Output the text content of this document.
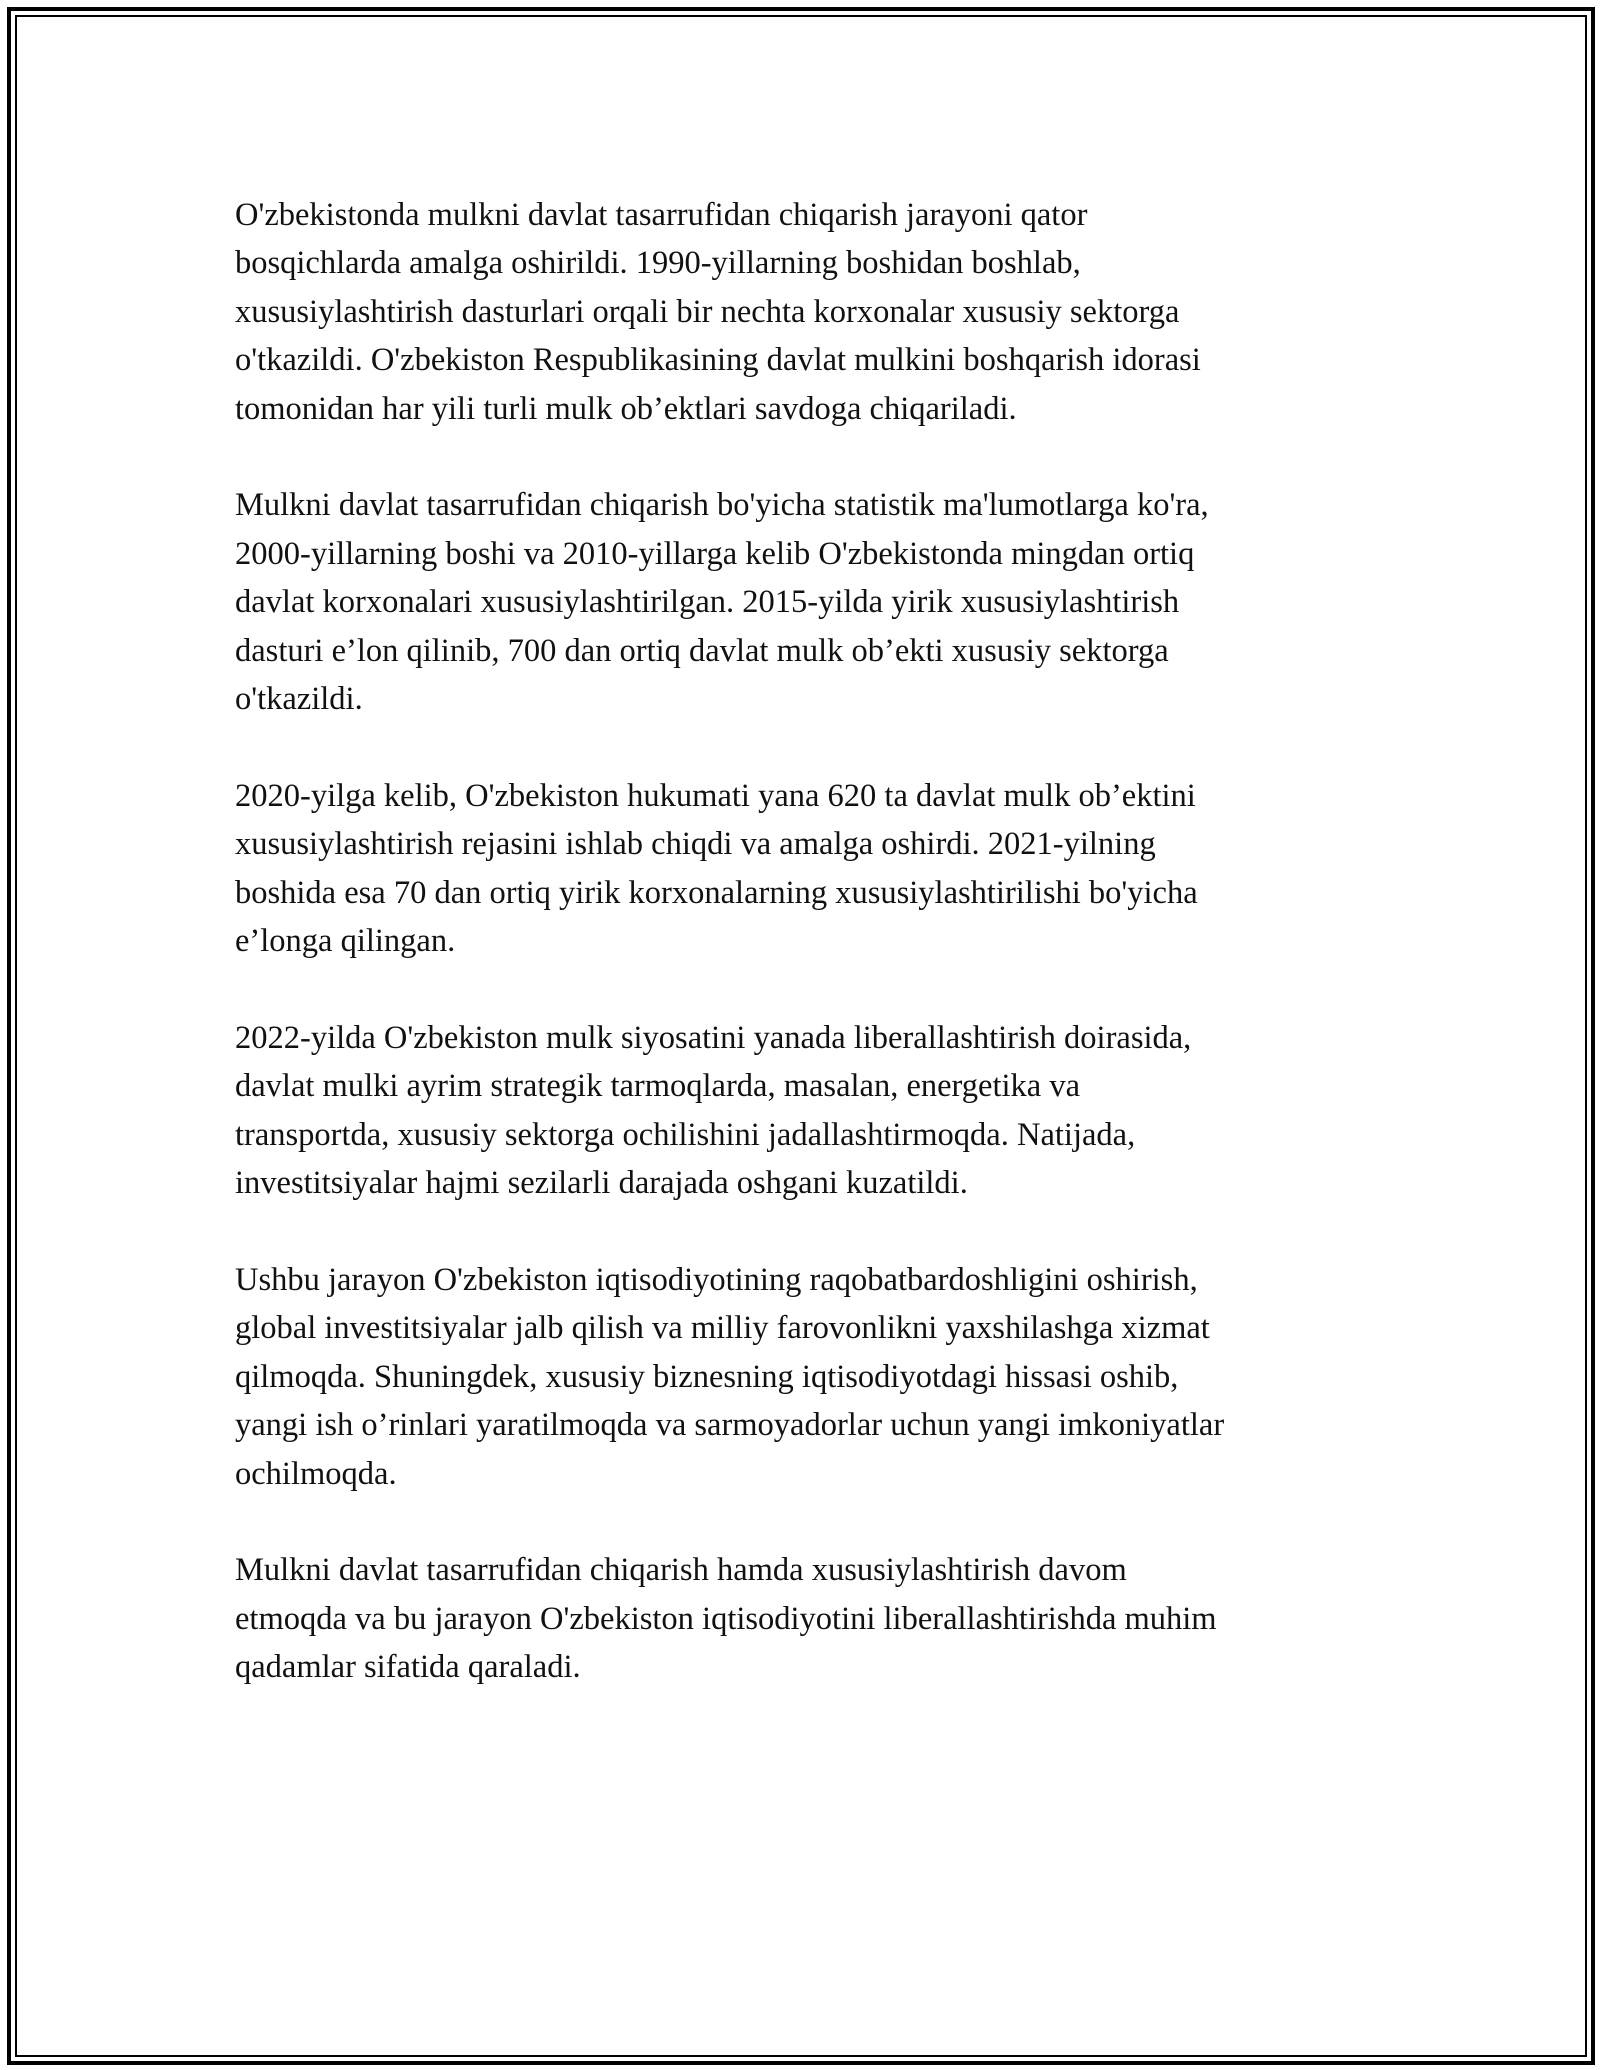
O'zbekistonda mulkni davlat tasarrufidan chiqarish jarayoni qator
bosqichlarda amalga oshirildi. 1990-yillarning boshidan boshlab,
xususiylashtirish dasturlari orqali bir nechta korxonalar xususiy sektorga
o'tkazildi. O'zbekiston Respublikasining davlat mulkini boshqarish idorasi
tomonidan har yili turli mulk ob’ektlari savdoga chiqariladi.

Mulkni davlat tasarrufidan chiqarish bo'yicha statistik ma'lumotlarga ko'ra,
2000-yillarning boshi va 2010-yillarga kelib O'zbekistonda mingdan ortiq
davlat korxonalari xususiylashtirilgan. 2015-yilda yirik xususiylashtirish
dasturi e’lon qilinib, 700 dan ortiq davlat mulk ob’ekti xususiy sektorga
o'tkazildi.

2020-yilga kelib, O'zbekiston hukumati yana 620 ta davlat mulk ob’ektini
xususiylashtirish rejasini ishlab chiqdi va amalga oshirdi. 2021-yilning
boshida esa 70 dan ortiq yirik korxonalarning xususiylashtirilishi bo'yicha
e’longa qilingan.

2022-yilda O'zbekiston mulk siyosatini yanada liberallashtirish doirasida,
davlat mulki ayrim strategik tarmoqlarda, masalan, energetika va
transportda, xususiy sektorga ochilishini jadallashtirmoqda. Natijada,
investitsiyalar hajmi sezilarli darajada oshgani kuzatildi.

Ushbu jarayon O'zbekiston iqtisodiyotining raqobatbardoshligini oshirish,
global investitsiyalar jalb qilish va milliy farovonlikni yaxshilashga xizmat
qilmoqda. Shuningdek, xususiy biznesning iqtisodiyotdagi hissasi oshib,
yangi ish o’rinlari yaratilmoqda va sarmoyadorlar uchun yangi imkoniyatlar
ochilmoqda.

Mulkni davlat tasarrufidan chiqarish hamda xususiylashtirish davom
etmoqda va bu jarayon O'zbekiston iqtisodiyotini liberallashtirishda muhim
qadamlar sifatida qaraladi.
